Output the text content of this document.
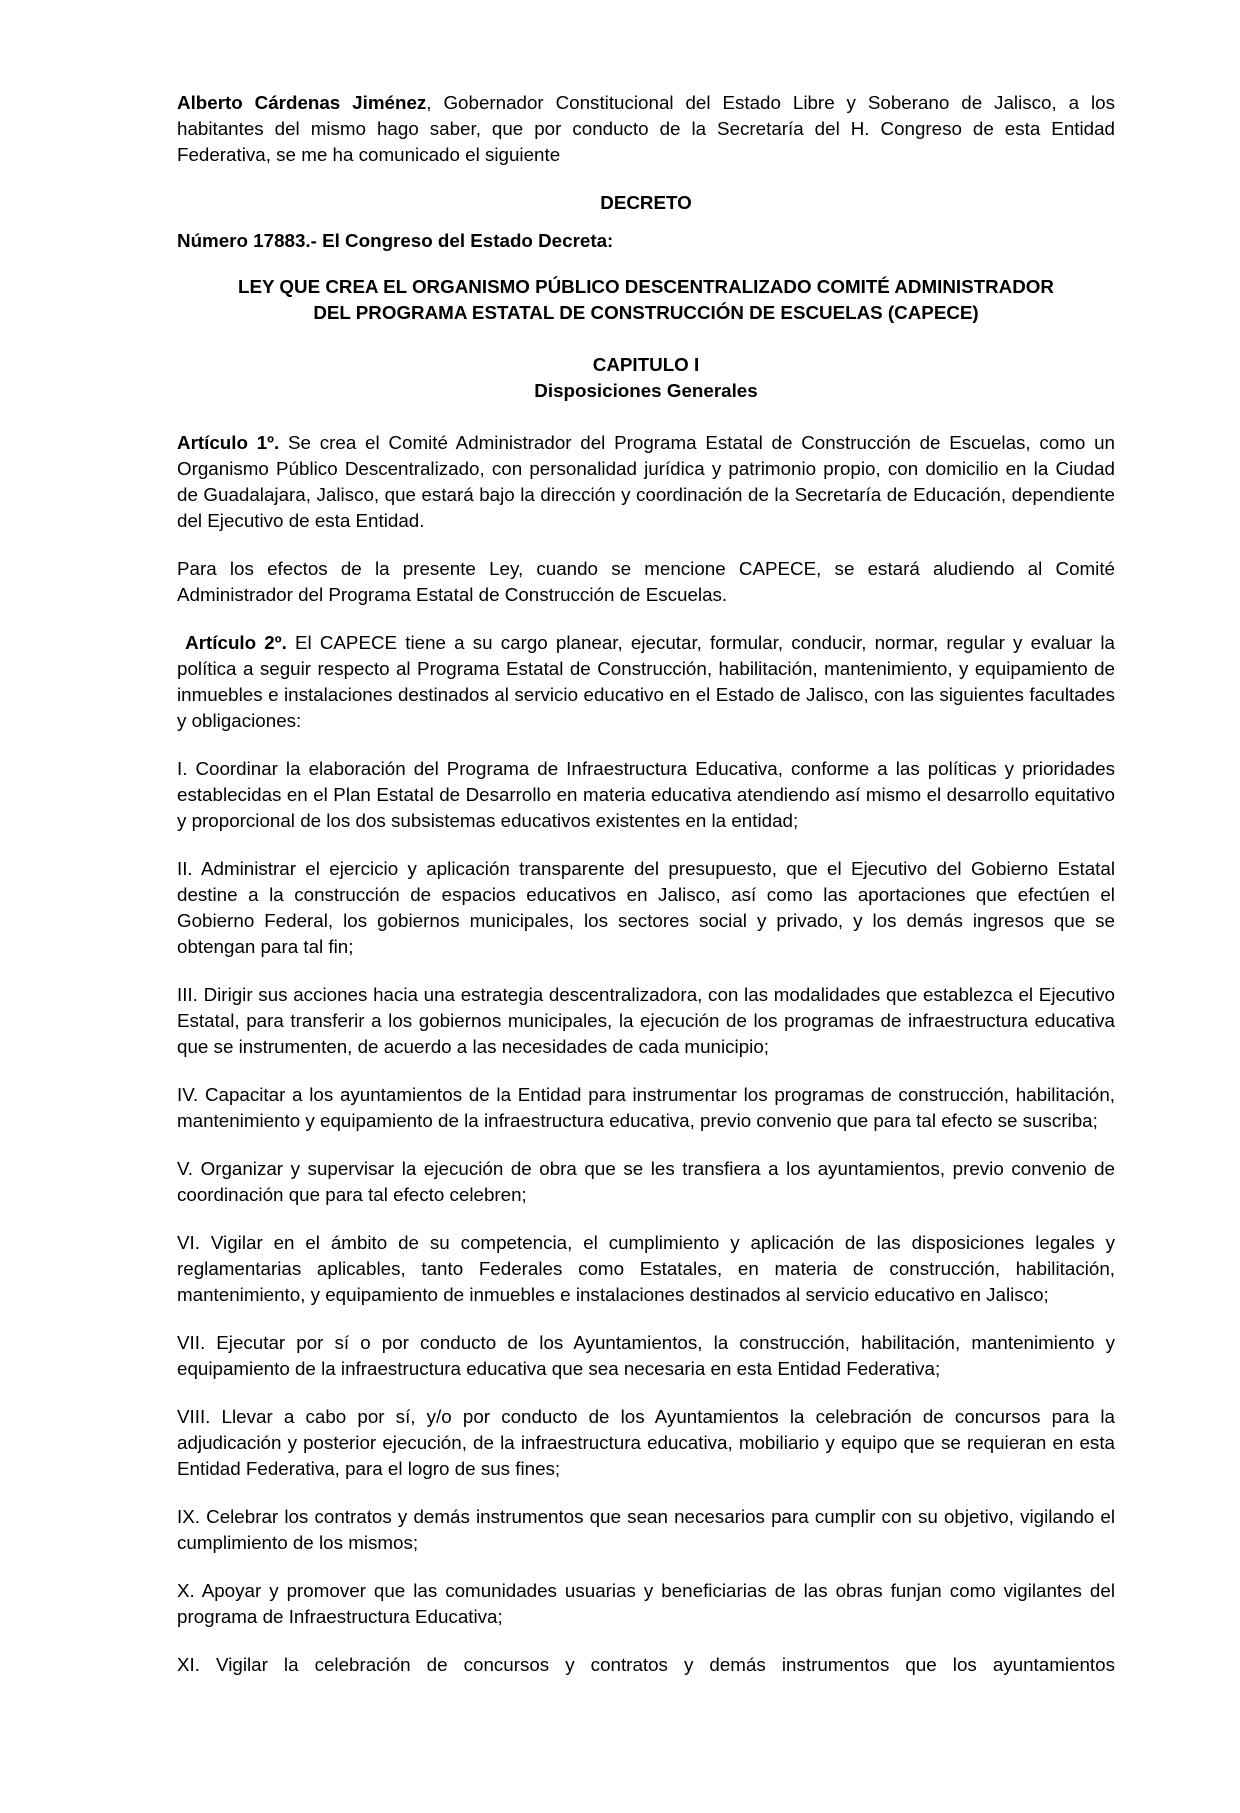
Alberto Cárdenas Jiménez, Gobernador Constitucional del Estado Libre y Soberano de Jalisco, a los habitantes del mismo hago saber, que por conducto de la Secretaría del H. Congreso de esta Entidad Federativa, se me ha comunicado el siguiente

DECRETO

Número 17883.- El Congreso del Estado Decreta:

LEY QUE CREA EL ORGANISMO PÚBLICO DESCENTRALIZADO COMITÉ ADMINISTRADOR
DEL PROGRAMA ESTATAL DE CONSTRUCCIÓN DE ESCUELAS (CAPECE)
CAPITULO I
Disposiciones Generales

Artículo 1º. Se crea el Comité Administrador del Programa Estatal de Construcción de Escuelas, como un Organismo Público Descentralizado, con personalidad jurídica y patrimonio propio, con domicilio en la Ciudad de Guadalajara, Jalisco, que estará bajo la dirección y coordinación de la Secretaría de Educación, dependiente del Ejecutivo de esta Entidad.

Para los efectos de la presente Ley, cuando se mencione CAPECE, se estará aludiendo al Comité Administrador del Programa Estatal de Construcción de Escuelas.

Artículo 2º. El CAPECE tiene a su cargo planear, ejecutar, formular, conducir, normar, regular y evaluar la política a seguir respecto al Programa Estatal de Construcción, habilitación, mantenimiento, y equipamiento de inmuebles e instalaciones destinados al servicio educativo en el Estado de Jalisco, con las siguientes facultades y obligaciones:

I. Coordinar la elaboración del Programa de Infraestructura Educativa, conforme a las políticas y prioridades establecidas en el Plan Estatal de Desarrollo en materia educativa atendiendo así mismo el desarrollo equitativo y proporcional de los dos subsistemas educativos existentes en la entidad;

II. Administrar el ejercicio y aplicación transparente del presupuesto, que el Ejecutivo del Gobierno Estatal destine a la construcción de espacios educativos en Jalisco, así como las aportaciones que efectúen el Gobierno Federal, los gobiernos municipales, los sectores social y privado, y los demás ingresos que se obtengan para tal fin;

III. Dirigir sus acciones hacia una estrategia descentralizadora, con las modalidades que establezca el Ejecutivo Estatal, para transferir a los gobiernos municipales, la ejecución de los programas de infraestructura educativa que se instrumenten, de acuerdo a las necesidades de cada municipio;

IV. Capacitar a los ayuntamientos de la Entidad para instrumentar los programas de construcción, habilitación, mantenimiento y equipamiento de la infraestructura educativa, previo convenio que para tal efecto se suscriba;

V. Organizar y supervisar la ejecución de obra que se les transfiera a los ayuntamientos, previo convenio de coordinación que para tal efecto celebren;

VI. Vigilar en el ámbito de su competencia, el cumplimiento y aplicación de las disposiciones legales y reglamentarias aplicables, tanto Federales como Estatales, en materia de construcción, habilitación, mantenimiento, y equipamiento de inmuebles e instalaciones destinados al servicio educativo en Jalisco;

VII. Ejecutar por sí o por conducto de los Ayuntamientos, la construcción, habilitación, mantenimiento y equipamiento de la infraestructura educativa que sea necesaria en esta Entidad Federativa;

VIII. Llevar a cabo por sí, y/o por conducto de los Ayuntamientos la celebración de concursos para la adjudicación y posterior ejecución, de la infraestructura educativa, mobiliario y equipo que se requieran en esta Entidad Federativa, para el logro de sus fines;

IX. Celebrar los contratos y demás instrumentos que sean necesarios para cumplir con su objetivo, vigilando el cumplimiento de los mismos;

X. Apoyar y promover que las comunidades usuarias y beneficiarias de las obras funjan como vigilantes del programa de Infraestructura Educativa;

XI. Vigilar la celebración de concursos y contratos y demás instrumentos que los ayuntamientos
